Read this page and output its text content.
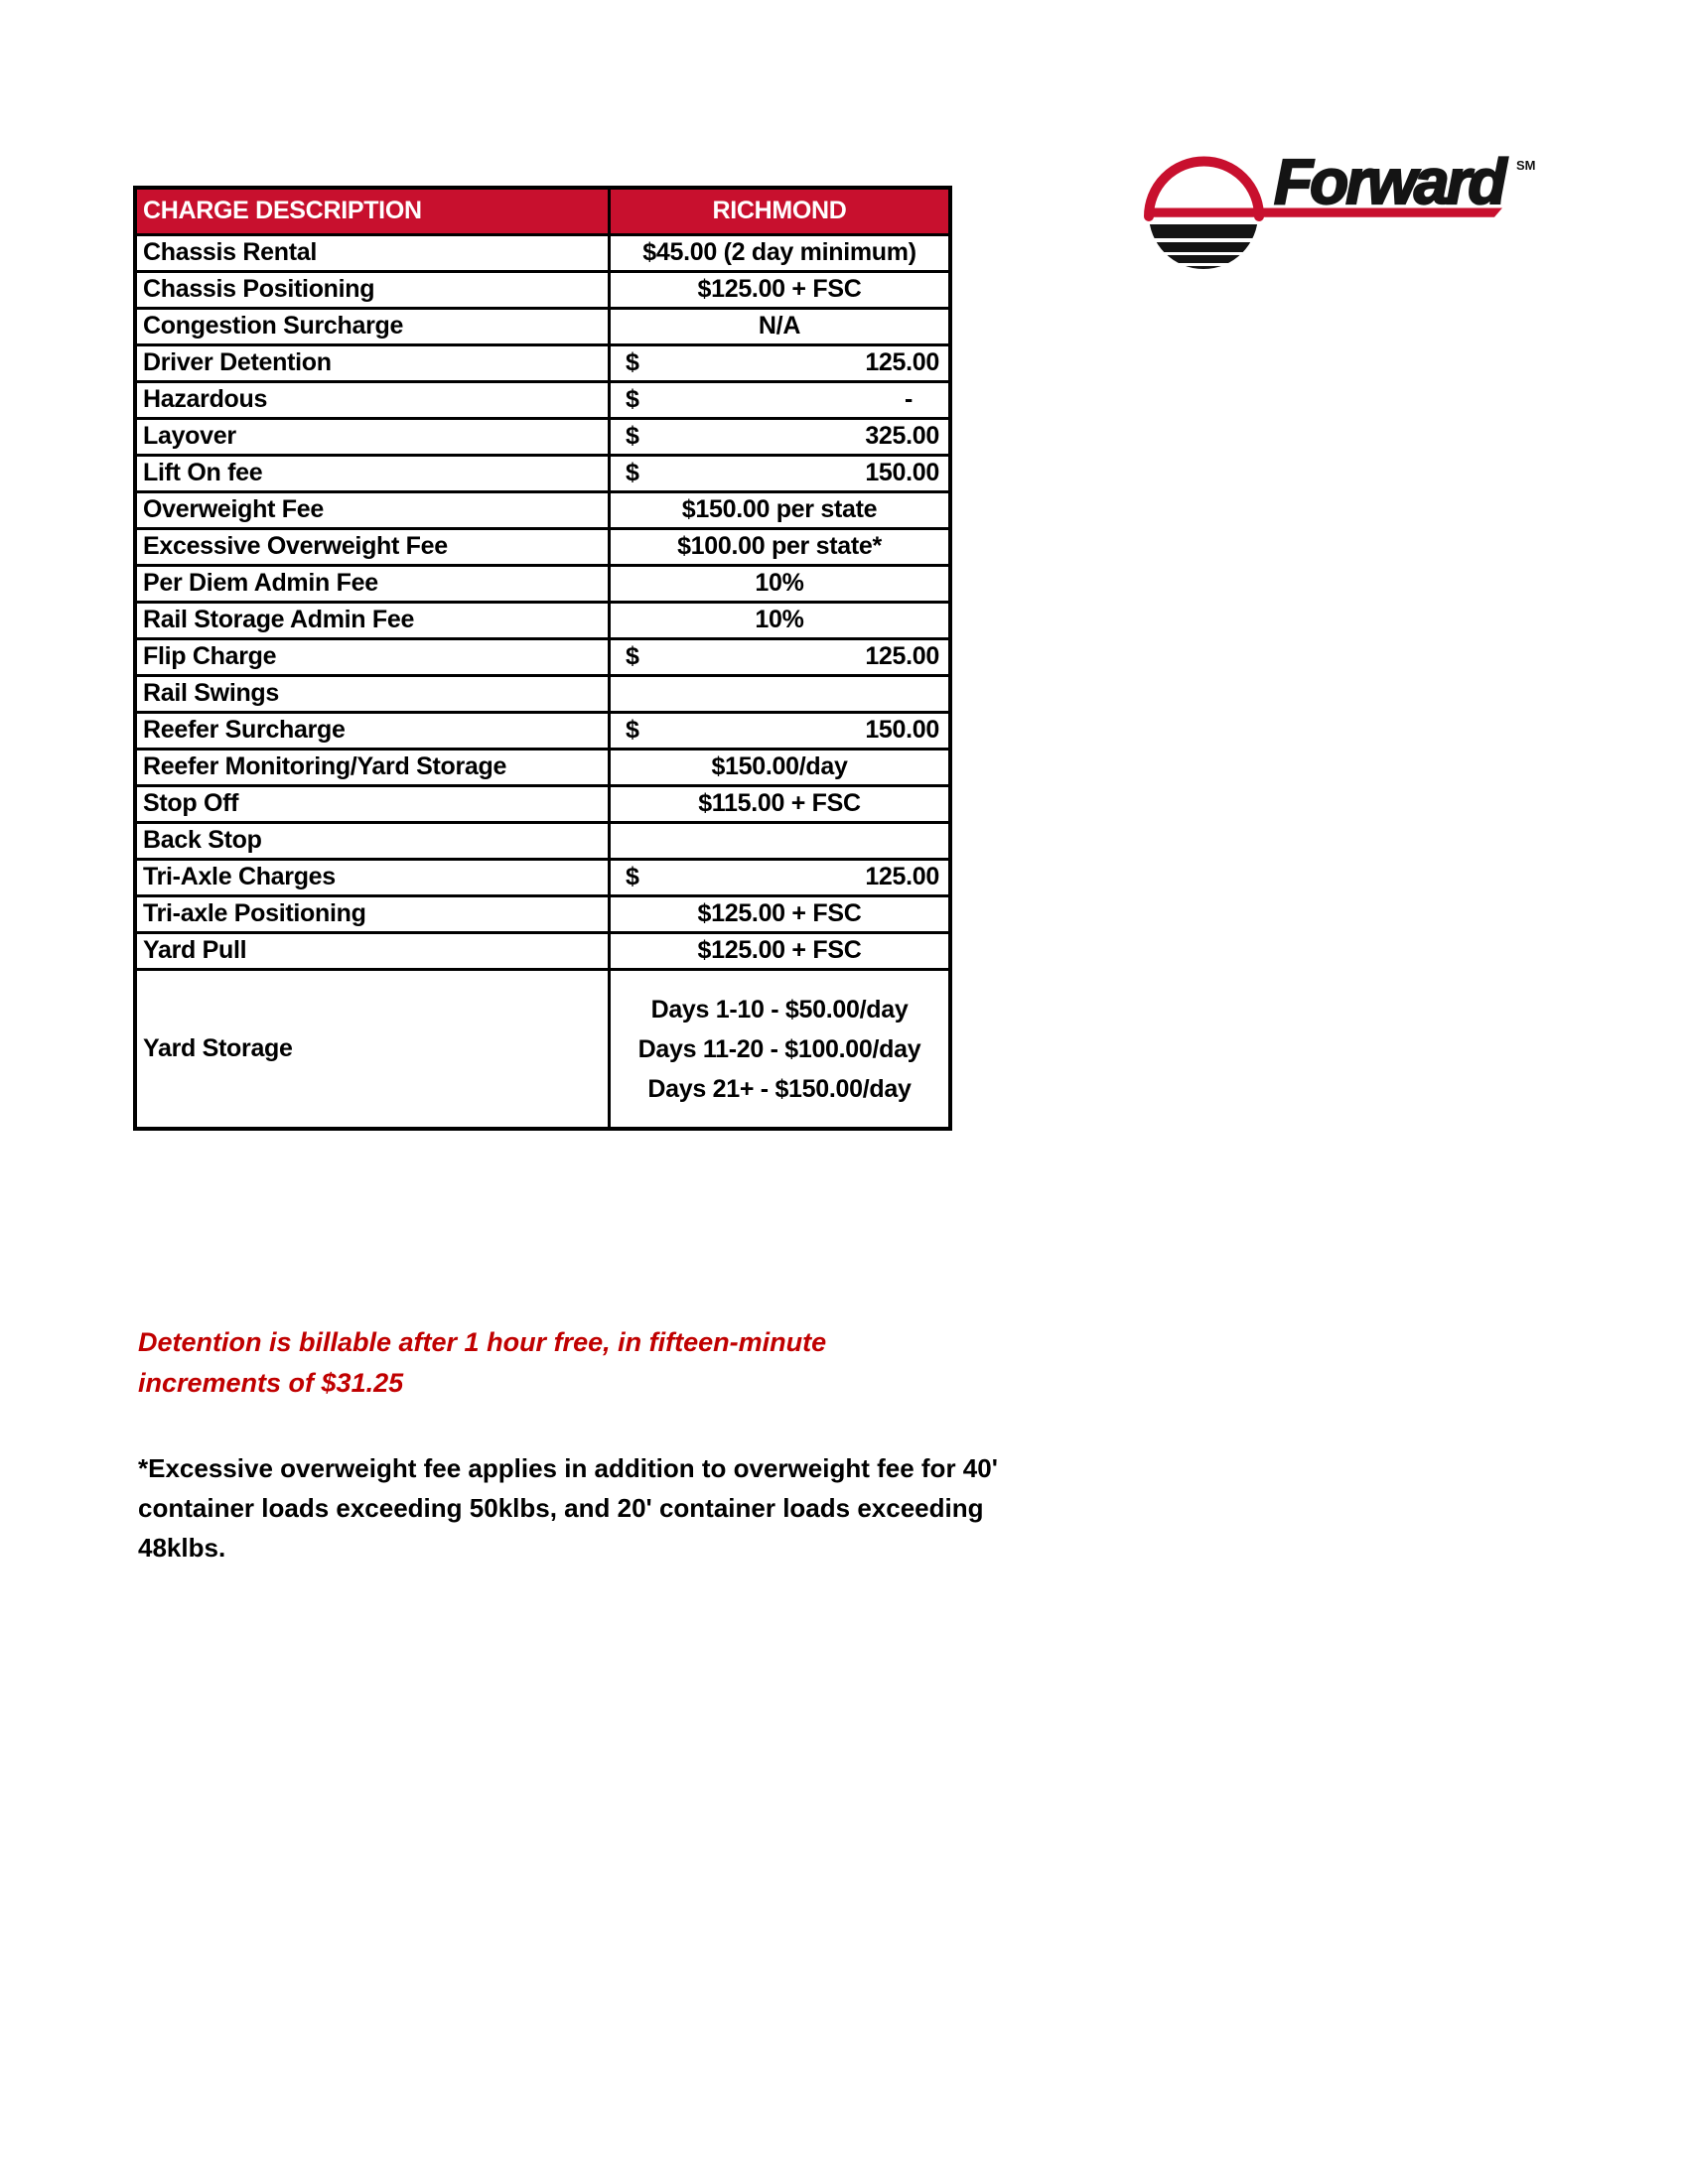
Forward SM
CHARGE DESCRIPTION	RICHMOND
Chassis Rental	$45.00 (2 day minimum)
Chassis Positioning	$125.00 + FSC
Congestion Surcharge	N/A
Driver Detention	$	125.00
Hazardous	$	-
Layover	$	325.00
Lift On fee	$	150.00
Overweight Fee	$150.00 per state
Excessive Overweight Fee	$100.00 per state*
Per Diem Admin Fee	10%
Rail Storage Admin Fee	10%
Flip Charge	$	125.00
Rail Swings
Reefer Surcharge	$	150.00
Reefer Monitoring/Yard Storage	$150.00/day
Stop Off	$115.00 + FSC
Back Stop
Tri-Axle Charges	$	125.00
Tri-axle Positioning	$125.00 + FSC
Yard Pull	$125.00 + FSC
Yard Storage
Days 1-10 - $50.00/day
Days 11-20 - $100.00/day
Days 21+ - $150.00/day
Detention is billable after 1 hour free, in fifteen-minute
increments of $31.25
*Excessive overweight fee applies in addition to overweight fee for 40'
container loads exceeding 50klbs, and 20' container loads exceeding
48klbs.
